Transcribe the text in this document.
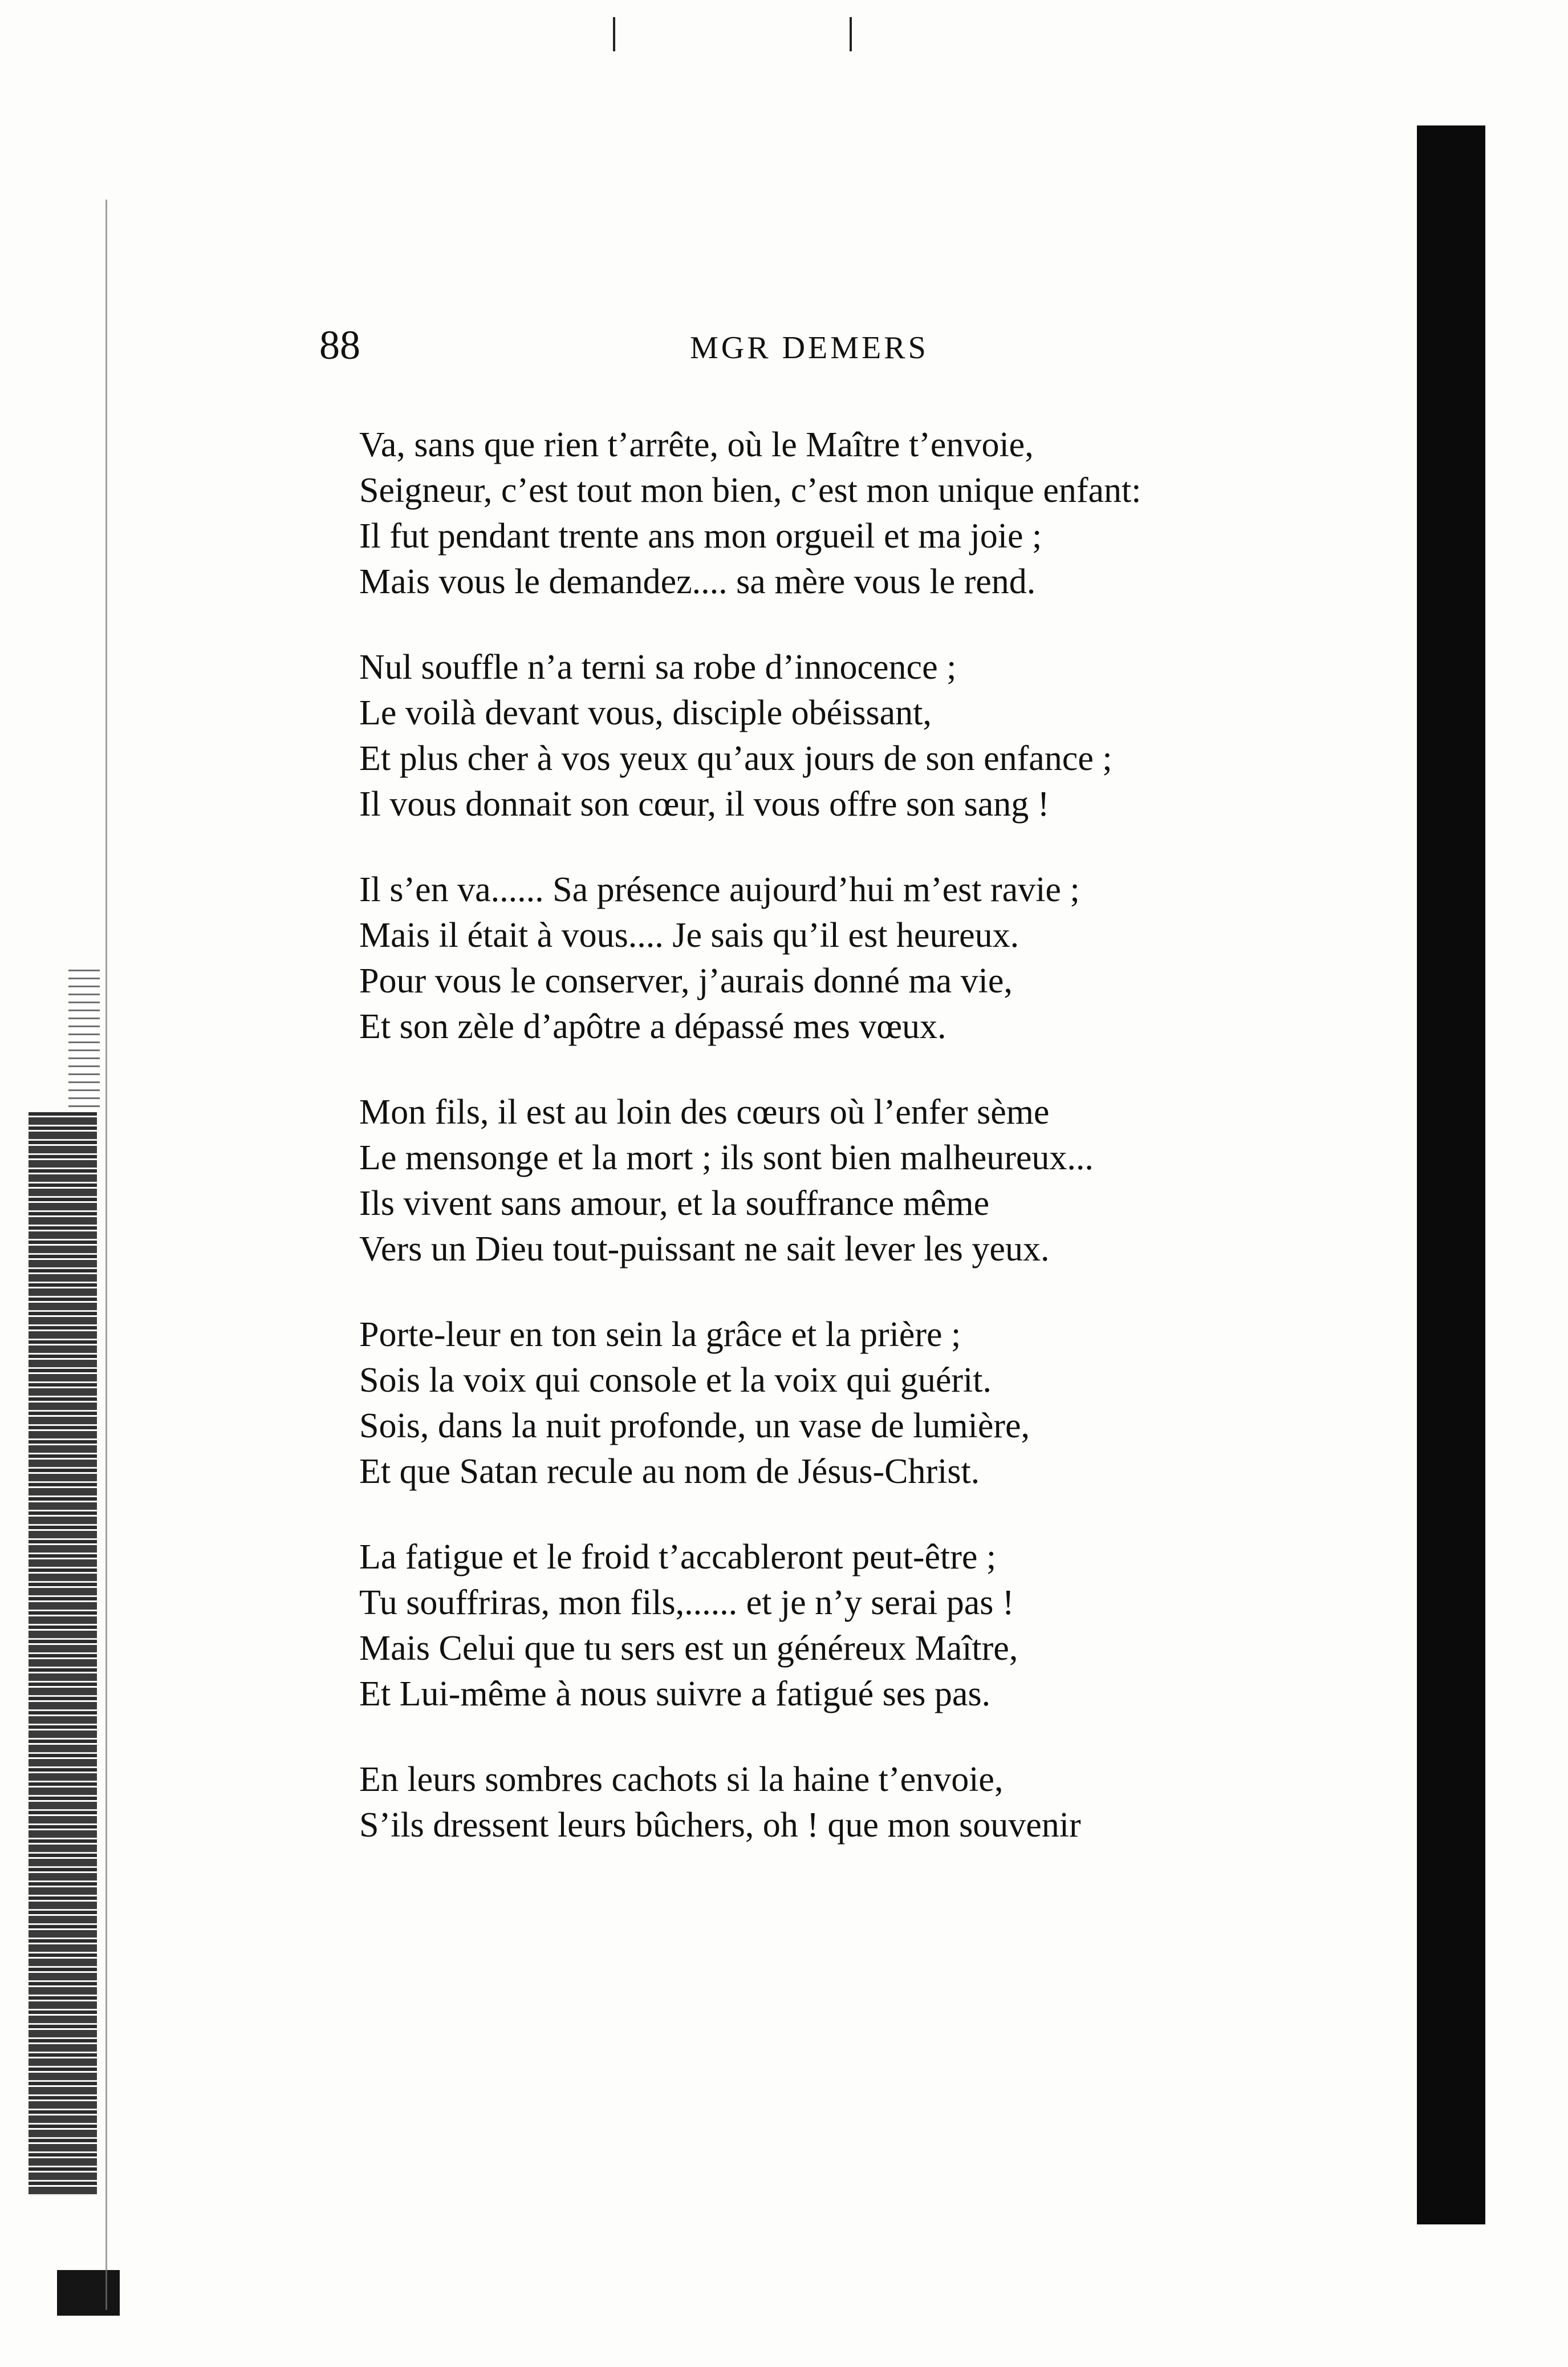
88	MGR DEMERS
Va, sans que rien t’arrête, où le Maître t’envoie,
Seigneur, c’est tout mon bien, c’est mon unique enfant:
Il fut pendant trente ans mon orgueil et ma joie ;
Mais vous le demandez.... sa mère vous le rend.
Nul souffle n’a terni sa robe d’innocence ;
Le voilà devant vous, disciple obéissant,
Et plus cher à vos yeux qu’aux jours de son enfance ;
Il vous donnait son cœur, il vous offre son sang !
Il s’en va...... Sa présence aujourd’hui m’est ravie ;
Mais il était à vous.... Je sais qu’il est heureux.
Pour vous le conserver, j’aurais donné ma vie,
Et son zèle d’apôtre a dépassé mes vœux.
Mon fils, il est au loin des cœurs où l’enfer sème
Le mensonge et la mort ; ils sont bien malheureux...
Ils vivent sans amour, et la souffrance même
Vers un Dieu tout-puissant ne sait lever les yeux.
Porte-leur en ton sein la grâce et la prière ;
Sois la voix qui console et la voix qui guérit.
Sois, dans la nuit profonde, un vase de lumière,
Et que Satan recule au nom de Jésus-Christ.
La fatigue et le froid t’accableront peut-être ;
Tu souffriras, mon fils,...... et je n’y serai pas !
Mais Celui que tu sers est un généreux Maître,
Et Lui-même à nous suivre a fatigué ses pas.
En leurs sombres cachots si la haine t’envoie,
S’ils dressent leurs bûchers, oh ! que mon souvenir
